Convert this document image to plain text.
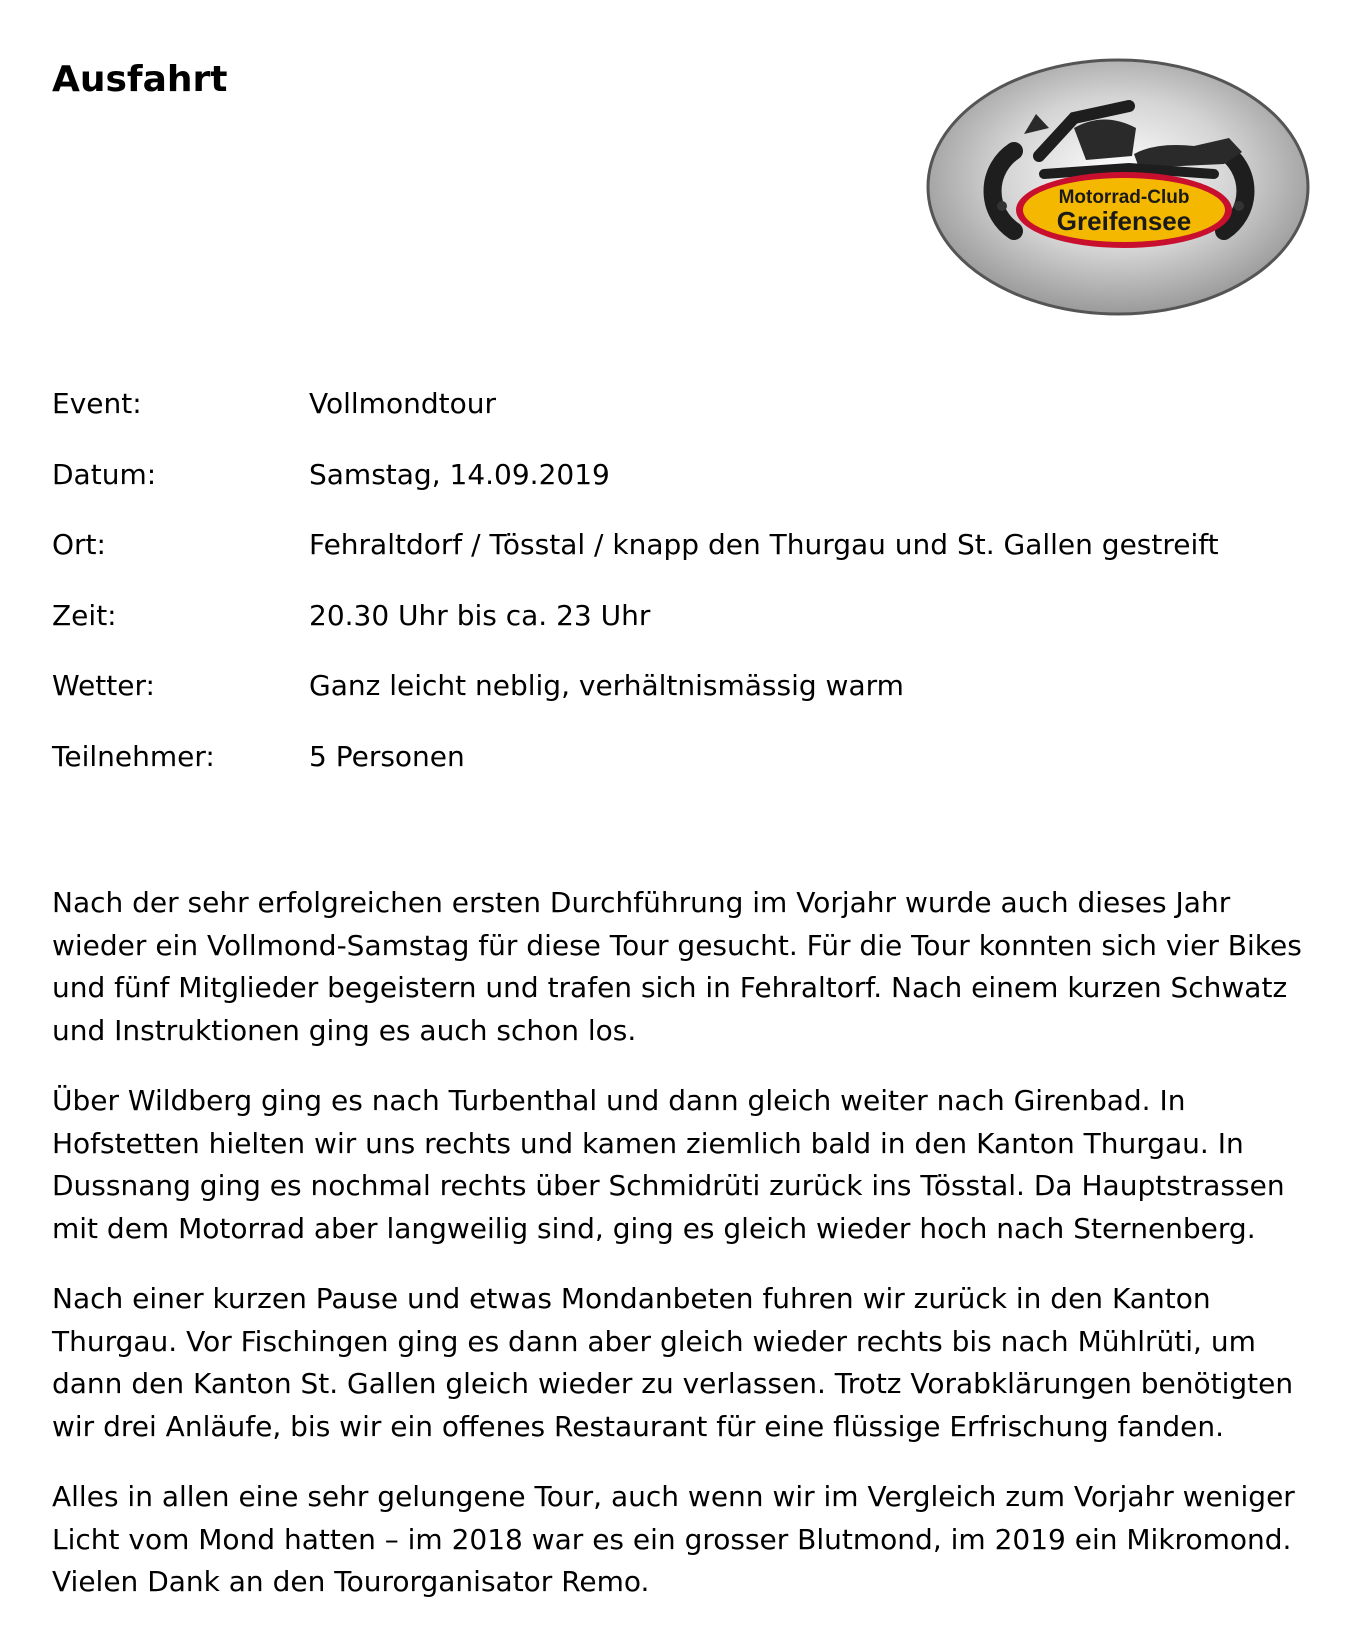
Ausfahrt
Motorrad-Club
Greifensee
Event:	Vollmondtour
Datum:	Samstag, 14.09.2019
Ort:	Fehraltdorf / Tösstal / knapp den Thurgau und St. Gallen gestreift
Zeit:	20.30 Uhr bis ca. 23 Uhr
Wetter:	Ganz leicht neblig, verhältnismässig warm
Teilnehmer:	5 Personen

Nach der sehr erfolgreichen ersten Durchführung im Vorjahr wurde auch dieses Jahr wieder ein Vollmond-Samstag für diese Tour gesucht. Für die Tour konnten sich vier Bikes und fünf Mitglieder begeistern und trafen sich in Fehraltorf. Nach einem kurzen Schwatz und Instruktionen ging es auch schon los.

Über Wildberg ging es nach Turbenthal und dann gleich weiter nach Girenbad. In Hofstetten hielten wir uns rechts und kamen ziemlich bald in den Kanton Thurgau. In Dussnang ging es nochmal rechts über Schmidrüti zurück ins Tösstal. Da Hauptstrassen mit dem Motorrad aber langweilig sind, ging es gleich wieder hoch nach Sternenberg.

Nach einer kurzen Pause und etwas Mondanbeten fuhren wir zurück in den Kanton Thurgau. Vor Fischingen ging es dann aber gleich wieder rechts bis nach Mühlrüti, um dann den Kanton St. Gallen gleich wieder zu verlassen. Trotz Vorabklärungen benötigten wir drei Anläufe, bis wir ein offenes Restaurant für eine flüssige Erfrischung fanden.

Alles in allen eine sehr gelungene Tour, auch wenn wir im Vergleich zum Vorjahr weniger Licht vom Mond hatten – im 2018 war es ein grosser Blutmond, im 2019 ein Mikromond. Vielen Dank an den Tourorganisator Remo.
